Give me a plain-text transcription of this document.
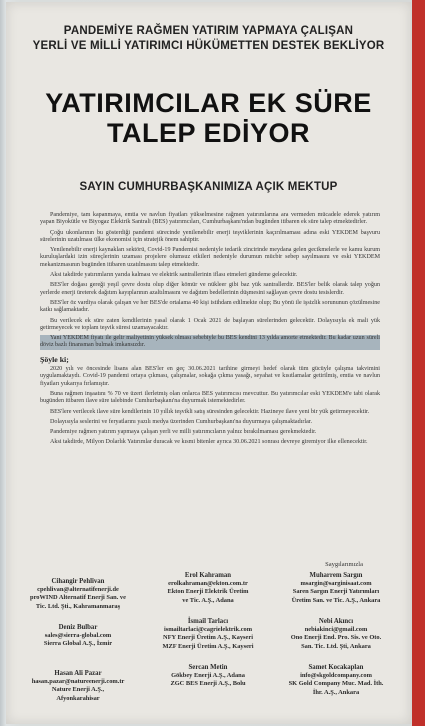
PANDEMİYE RAĞMEN YATIRIM YAPMAYA ÇALIŞAN
YERLİ VE MİLLİ YATIRIMCI HÜKÜMETTEN DESTEK BEKLİYOR
YATIRIMCILAR EK SÜRE
TALEP EDİYOR
SAYIN CUMHURBAŞKANIMIZA AÇIK MEKTUP

Pandemiye, tam kapanmaya, emtia ve navlun fiyatları yükselmesine rağmen yatırımlarına ara vermeden mücadele ederek yatırım yapan Biyokütle ve Biyogaz Elektrik Santrali (BES) yatırımcıları, Cumhurbaşkanı'ndan bugünden itibaren ek süre talep etmektedirler.

Çoğu ukonlarının bu gösterdiği pandemi sürecinde yenilenebilir enerji teşviklerinin kaçırılmaması adına eski YEKDEM başvuru sürelerinin uzatılması ülke ekonomisi için stratejik önem sahiptir.

Yenilenebilir enerji kaynakları sektörü, Covid-19 Pandemisi nedeniyle tedarik zincirinde meydana gelen gecikmelerle ve kamu kurum kuruluşlardaki izin süreçlerinin uzaması projelere olumsuz etkileri nedeniyle durumun mücbir sebep sayılmasını ve eski YEKDEM mekanizmasının bugünden itibaren uzatılmasını talep etmektedir.

Aksi takdirde yatırımların yarıda kalması ve elektrik santrallerinin iflası etmeleri gündeme gelecektir.

BES'ler doğası gereği yeşil çevre dostu olup diğer kömür ve nükleer gibi baz yük santrallerdir. BES'ler belik olarak talep yoğun yerlerde enerji üreterek dağıtım kayıplarının azaltılmasını ve dağıtım bedellerinin düşmesini sağlayan çevre dostu tesislerdir.

BES'ler öz vardiya olarak çalışan ve her BES'de ortalama 40 kişi istihdam edilmekte olup; Bu yönü ile işsizlik sorununun çözülmesine katkı sağlamaktadır.

Bu verilecek ek süre zaten kendilerinin yasal olarak 1 Ocak 2021 de başlayan sürelerinden gelecektir. Dolayısıyla ek mali yük getirmeyecek ve toplam teşvik süresi uzamayacaktır.

Yani YEKDEM fiyatı ile gelir maliyetinin yüksek olması sebebiyle bu BES kendini 13 yılda amorte etmektedir. Bu kadar uzun süreli döviz bazlı finansman bulmak imkansızdır.

Şöyle ki;

2020 yılı ve öncesinde lisans alan BES'ler en geç 30.06.2021 tarihine girmeyi hedef olarak tüm gücüyle çalışma takvimini uygulamaktaydı. Covid-19 pandemi ortaya çıkması, çalışmalar, sokağa çıkma yasağı, seyahat ve kısıtlamalar getirilmiş, emtia ve navlun fiyatları yukarıya fırlamıştır.

Buna rağmen inşaatını % 70 ve üzeri ilerletmiş olan onlarca BES yatırımcısı mevcuttur. Bu yatırımcılar eski YEKDEM'e tabi olarak bugünden itibaren ilave süre talebinde Cumhurbaşkanı'na duyurmak istemektedirler.

BES'lere verilecek ilave süre kendilerinin 10 yıllık teşvikli satış süresinden gelecektir. Hazineye ilave yeni bir yük getirmeyecektir.

Dolayısıyla seslerini ve feryatlarını yazılı medya üzerinden Cumhurbaşkanı'na duyurmaya çalışmaktadırlar.

Pandemiye rağmen yatırım yapmaya çalışan yerli ve milli yatırımcıların yalnız bırakılmaması gerekmektedir.

Aksi takdirde, Milyon Dolarlık Yatırımlar duracak ve kısmi bitenler ayrıca 30.06.2021 sonrası devreye giremiyor ilke ellenecektir.

Saygılarımızla
Cihangir Pehlivan
cpehlivan@alternatifenerji.de
proWIND Alternatif Enerji San. ve
Tic. Ltd. Şti., Kahramanmaraş
Erol Kahraman
erolkahraman@ekton.com.tr
Ekton Enerji Elektrik Üretim
ve Tic. A.Ş., Adana
Muharrem Sargın
msargin@sarginisaat.com
Saren Sargın Enerji Yatırımları
Üretim San. ve Tic. A.Ş., Ankara
Deniz Bulbar
sales@sierra-global.com
Sierra Global A.Ş., İzmir
İsmail Tarlacı
ismailtarlaci@cagrielektrik.com
NFY Enerji Üretim A.Ş., Kayseri
MZF Enerji Üretim A.Ş., Kayseri
Nebi Akıncı
nebiakinci@gmail.com
Ono Enerji End. Pro. Sis. ve Oto.
San. Tic. Ltd. Şti, Ankara
Hasan Ali Pazar
hasan.pazar@natureenerji.com.tr
Nature Enerji A.Ş.,
Afyonkarahisar
Sercan Metin
Gökbey Enerji A.Ş., Adana
ZGC BES Enerji A.Ş., Bolu
Samet Kocakaplan
info@skgoldcompany.com
SK Gold Company Muc. Mad. İth.
İhr. A.Ş., Ankara
